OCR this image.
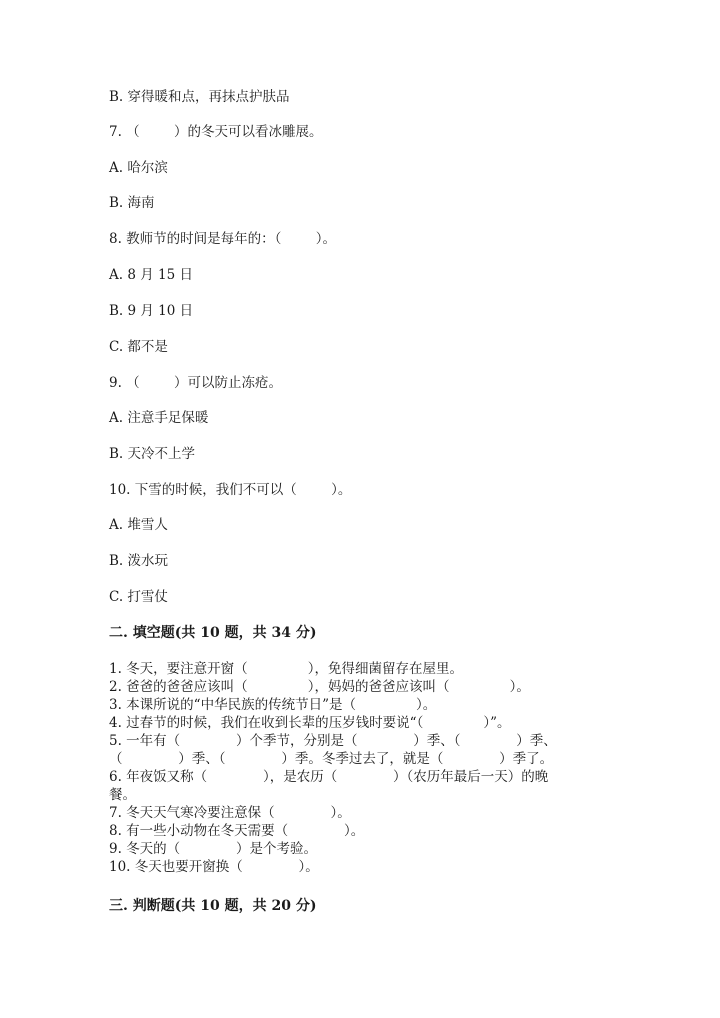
B. 穿得暖和点，再抹点护肤品
7. （        ）的冬天可以看冰雕展。
A. 哈尔滨
B. 海南
8. 教师节的时间是每年的：（        ）。
A. 8 月 15 日
B. 9 月 10 日
C. 都不是
9. （        ）可以防止冻疮。
A. 注意手足保暖
B. 天冷不上学
10. 下雪的时候，我们不可以（        ）。
A. 堆雪人
B. 泼水玩
C. 打雪仗
二. 填空题(共 10 题，共 34 分)
1. 冬天，要注意开窗（              ），免得细菌留存在屋里。
2. 爸爸的爸爸应该叫（              ），妈妈的爸爸应该叫（              ）。
3. 本课所说的“中华民族的传统节日”是（              ）。
4. 过春节的时候，我们在收到长辈的压岁钱时要说“（              ）”。
5. 一年有（             ）个季节，分别是（             ）季、（             ）季、
（             ）季、（             ）季。冬季过去了，就是（             ）季了。
6. 年夜饭又称（             ），是农历（             ）（农历年最后一天）的晚
餐。
7. 冬天天气寒冷要注意保（             ）。
8. 有一些小动物在冬天需要（             ）。
9. 冬天的（             ）是个考验。
10. 冬天也要开窗换（             ）。
三. 判断题(共 10 题，共 20 分)
